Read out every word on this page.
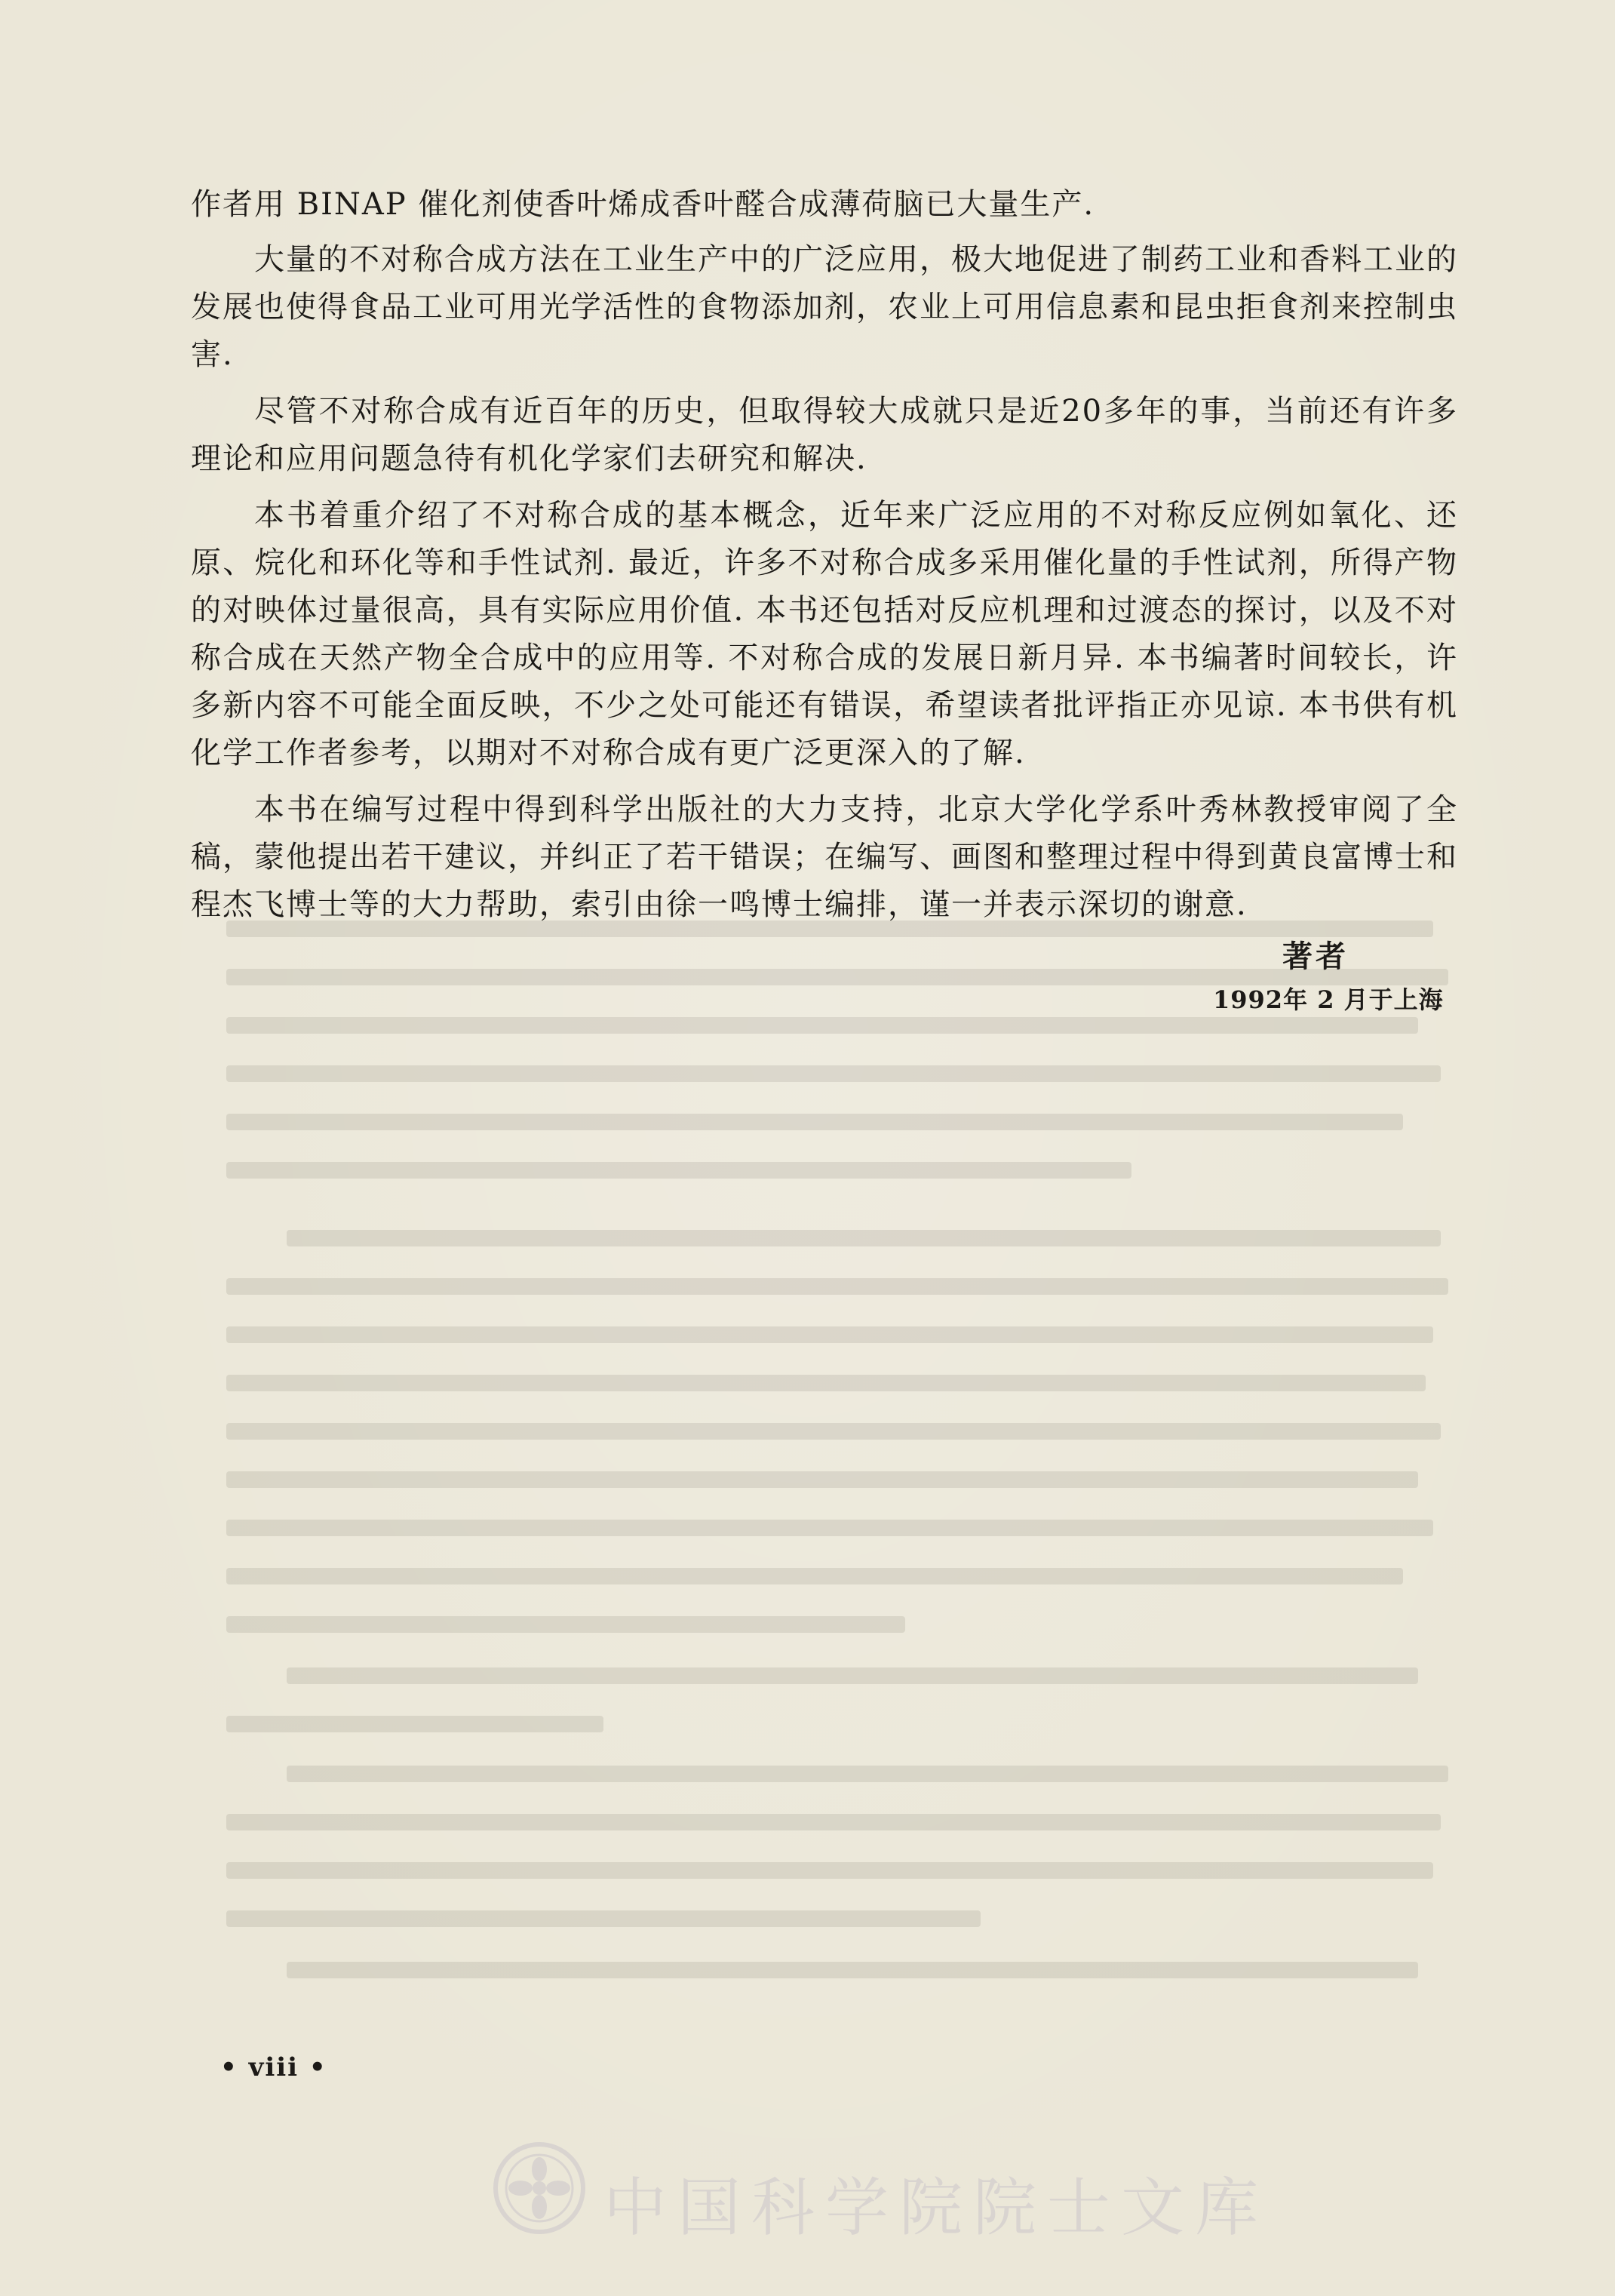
作者用 BINAP 催化剂使香叶烯成香叶醛合成薄荷脑已大量生产.

大量的不对称合成方法在工业生产中的广泛应用，极大地促进了制药工业和香料工业的发展也使得食品工业可用光学活性的食物添加剂，农业上可用信息素和昆虫拒食剂来控制虫害.

尽管不对称合成有近百年的历史，但取得较大成就只是近20多年的事，当前还有许多理论和应用问题急待有机化学家们去研究和解决.

本书着重介绍了不对称合成的基本概念，近年来广泛应用的不对称反应例如氧化、还原、烷化和环化等和手性试剂. 最近，许多不对称合成多采用催化量的手性试剂，所得产物的对映体过量很高，具有实际应用价值. 本书还包括对反应机理和过渡态的探讨，以及不对称合成在天然产物全合成中的应用等. 不对称合成的发展日新月异. 本书编著时间较长，许多新内容不可能全面反映，不少之处可能还有错误，希望读者批评指正亦见谅. 本书供有机化学工作者参考，以期对不对称合成有更广泛更深入的了解.

本书在编写过程中得到科学出版社的大力支持，北京大学化学系叶秀林教授审阅了全稿，蒙他提出若干建议，并纠正了若干错误；在编写、画图和整理过程中得到黄良富博士和程杰飞博士等的大力帮助，索引由徐一鸣博士编排，谨一并表示深切的谢意.

著者
1992年 2 月于上海
• viii •
中国科学院院士文库
